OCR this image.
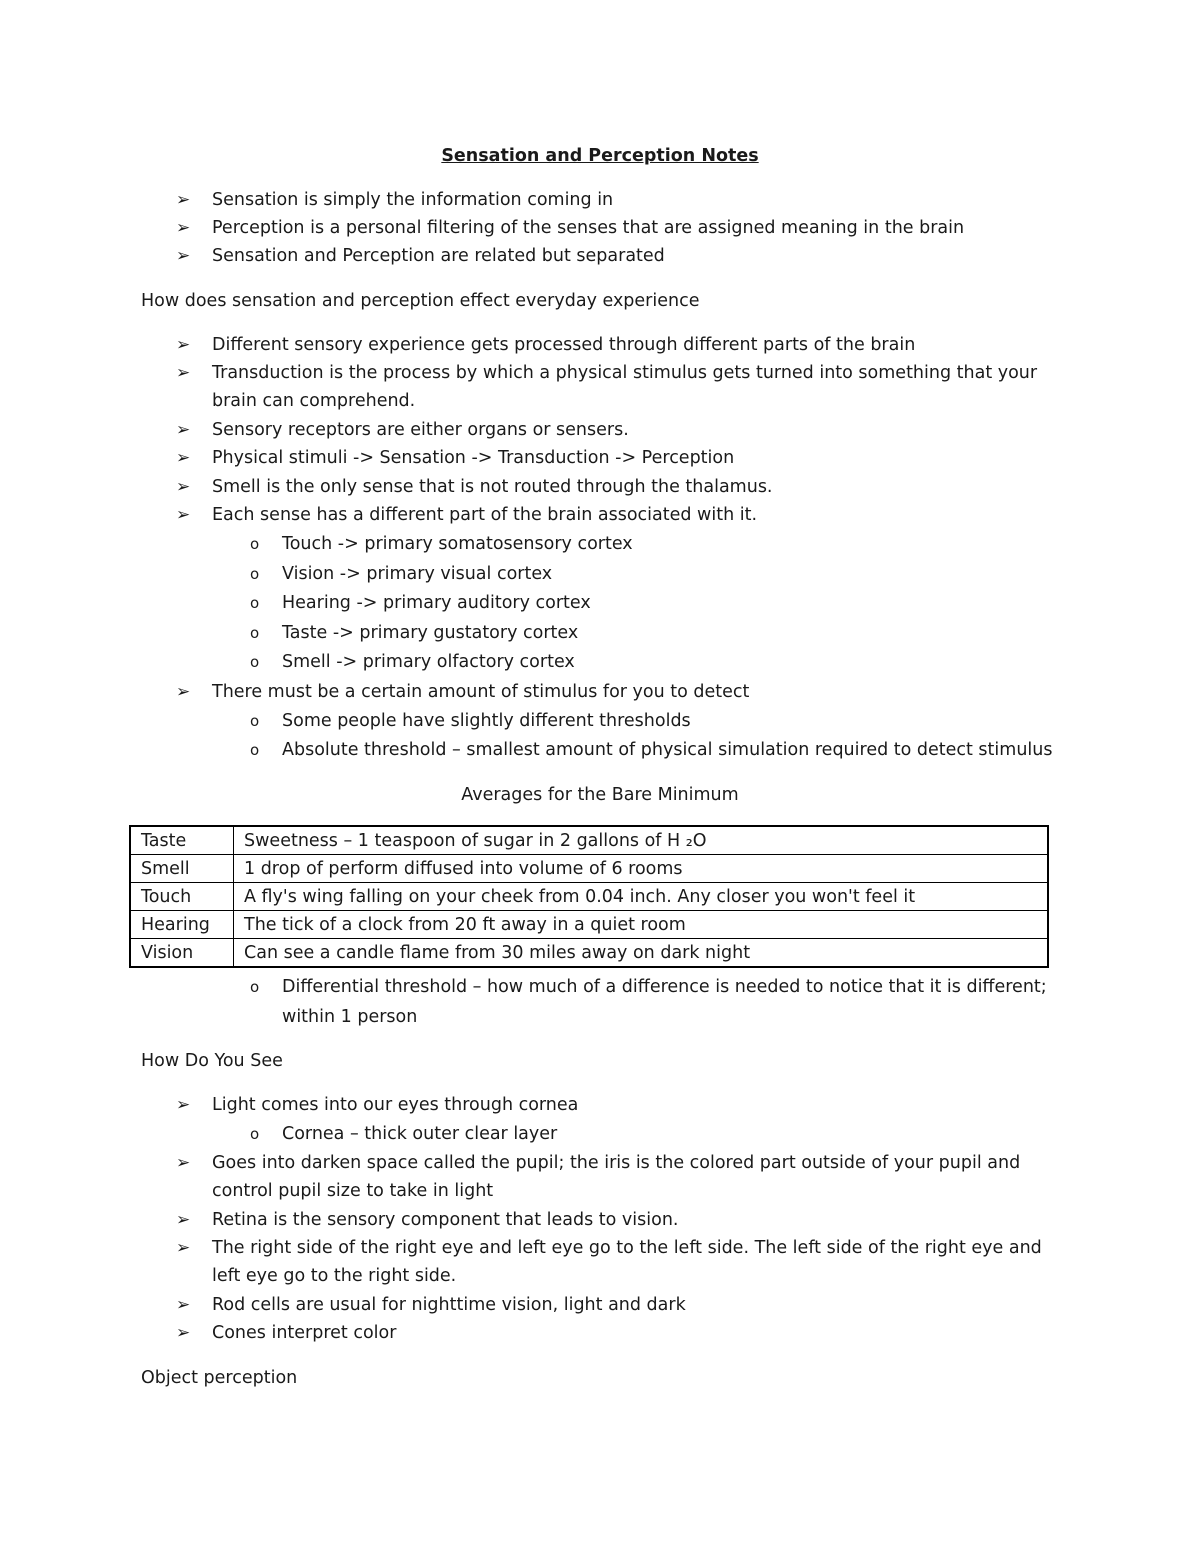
Sensation and Perception Notes
➢ Sensation is simply the information coming in
➢ Perception is a personal filtering of the senses that are assigned meaning in the brain
➢ Sensation and Perception are related but separated
How does sensation and perception effect everyday experience
➢ Different sensory experience gets processed through different parts of the brain
➢ Transduction is the process by which a physical stimulus gets turned into something that your
brain can comprehend.
➢ Sensory receptors are either organs or sensers.
➢ Physical stimuli -> Sensation -> Transduction -> Perception
➢ Smell is the only sense that is not routed through the thalamus.
➢ Each sense has a different part of the brain associated with it.
o Touch -> primary somatosensory cortex
o Vision -> primary visual cortex
o Hearing -> primary auditory cortex
o Taste -> primary gustatory cortex
o Smell -> primary olfactory cortex
➢ There must be a certain amount of stimulus for you to detect
o Some people have slightly different thresholds
o Absolute threshold – smallest amount of physical simulation required to detect stimulus
Averages for the Bare Minimum
Taste	Sweetness – 1 teaspoon of sugar in 2 gallons of H ₂O
Smell	1 drop of perform diffused into volume of 6 rooms
Touch	A fly's wing falling on your cheek from 0.04 inch. Any closer you won't feel it
Hearing	The tick of a clock from 20 ft away in a quiet room
Vision	Can see a candle flame from 30 miles away on dark night
o Differential threshold – how much of a difference is needed to notice that it is different;
within 1 person
How Do You See
➢ Light comes into our eyes through cornea
o Cornea – thick outer clear layer
➢ Goes into darken space called the pupil; the iris is the colored part outside of your pupil and
control pupil size to take in light
➢ Retina is the sensory component that leads to vision.
➢ The right side of the right eye and left eye go to the left side. The left side of the right eye and
left eye go to the right side.
➢ Rod cells are usual for nighttime vision, light and dark
➢ Cones interpret color
Object perception
